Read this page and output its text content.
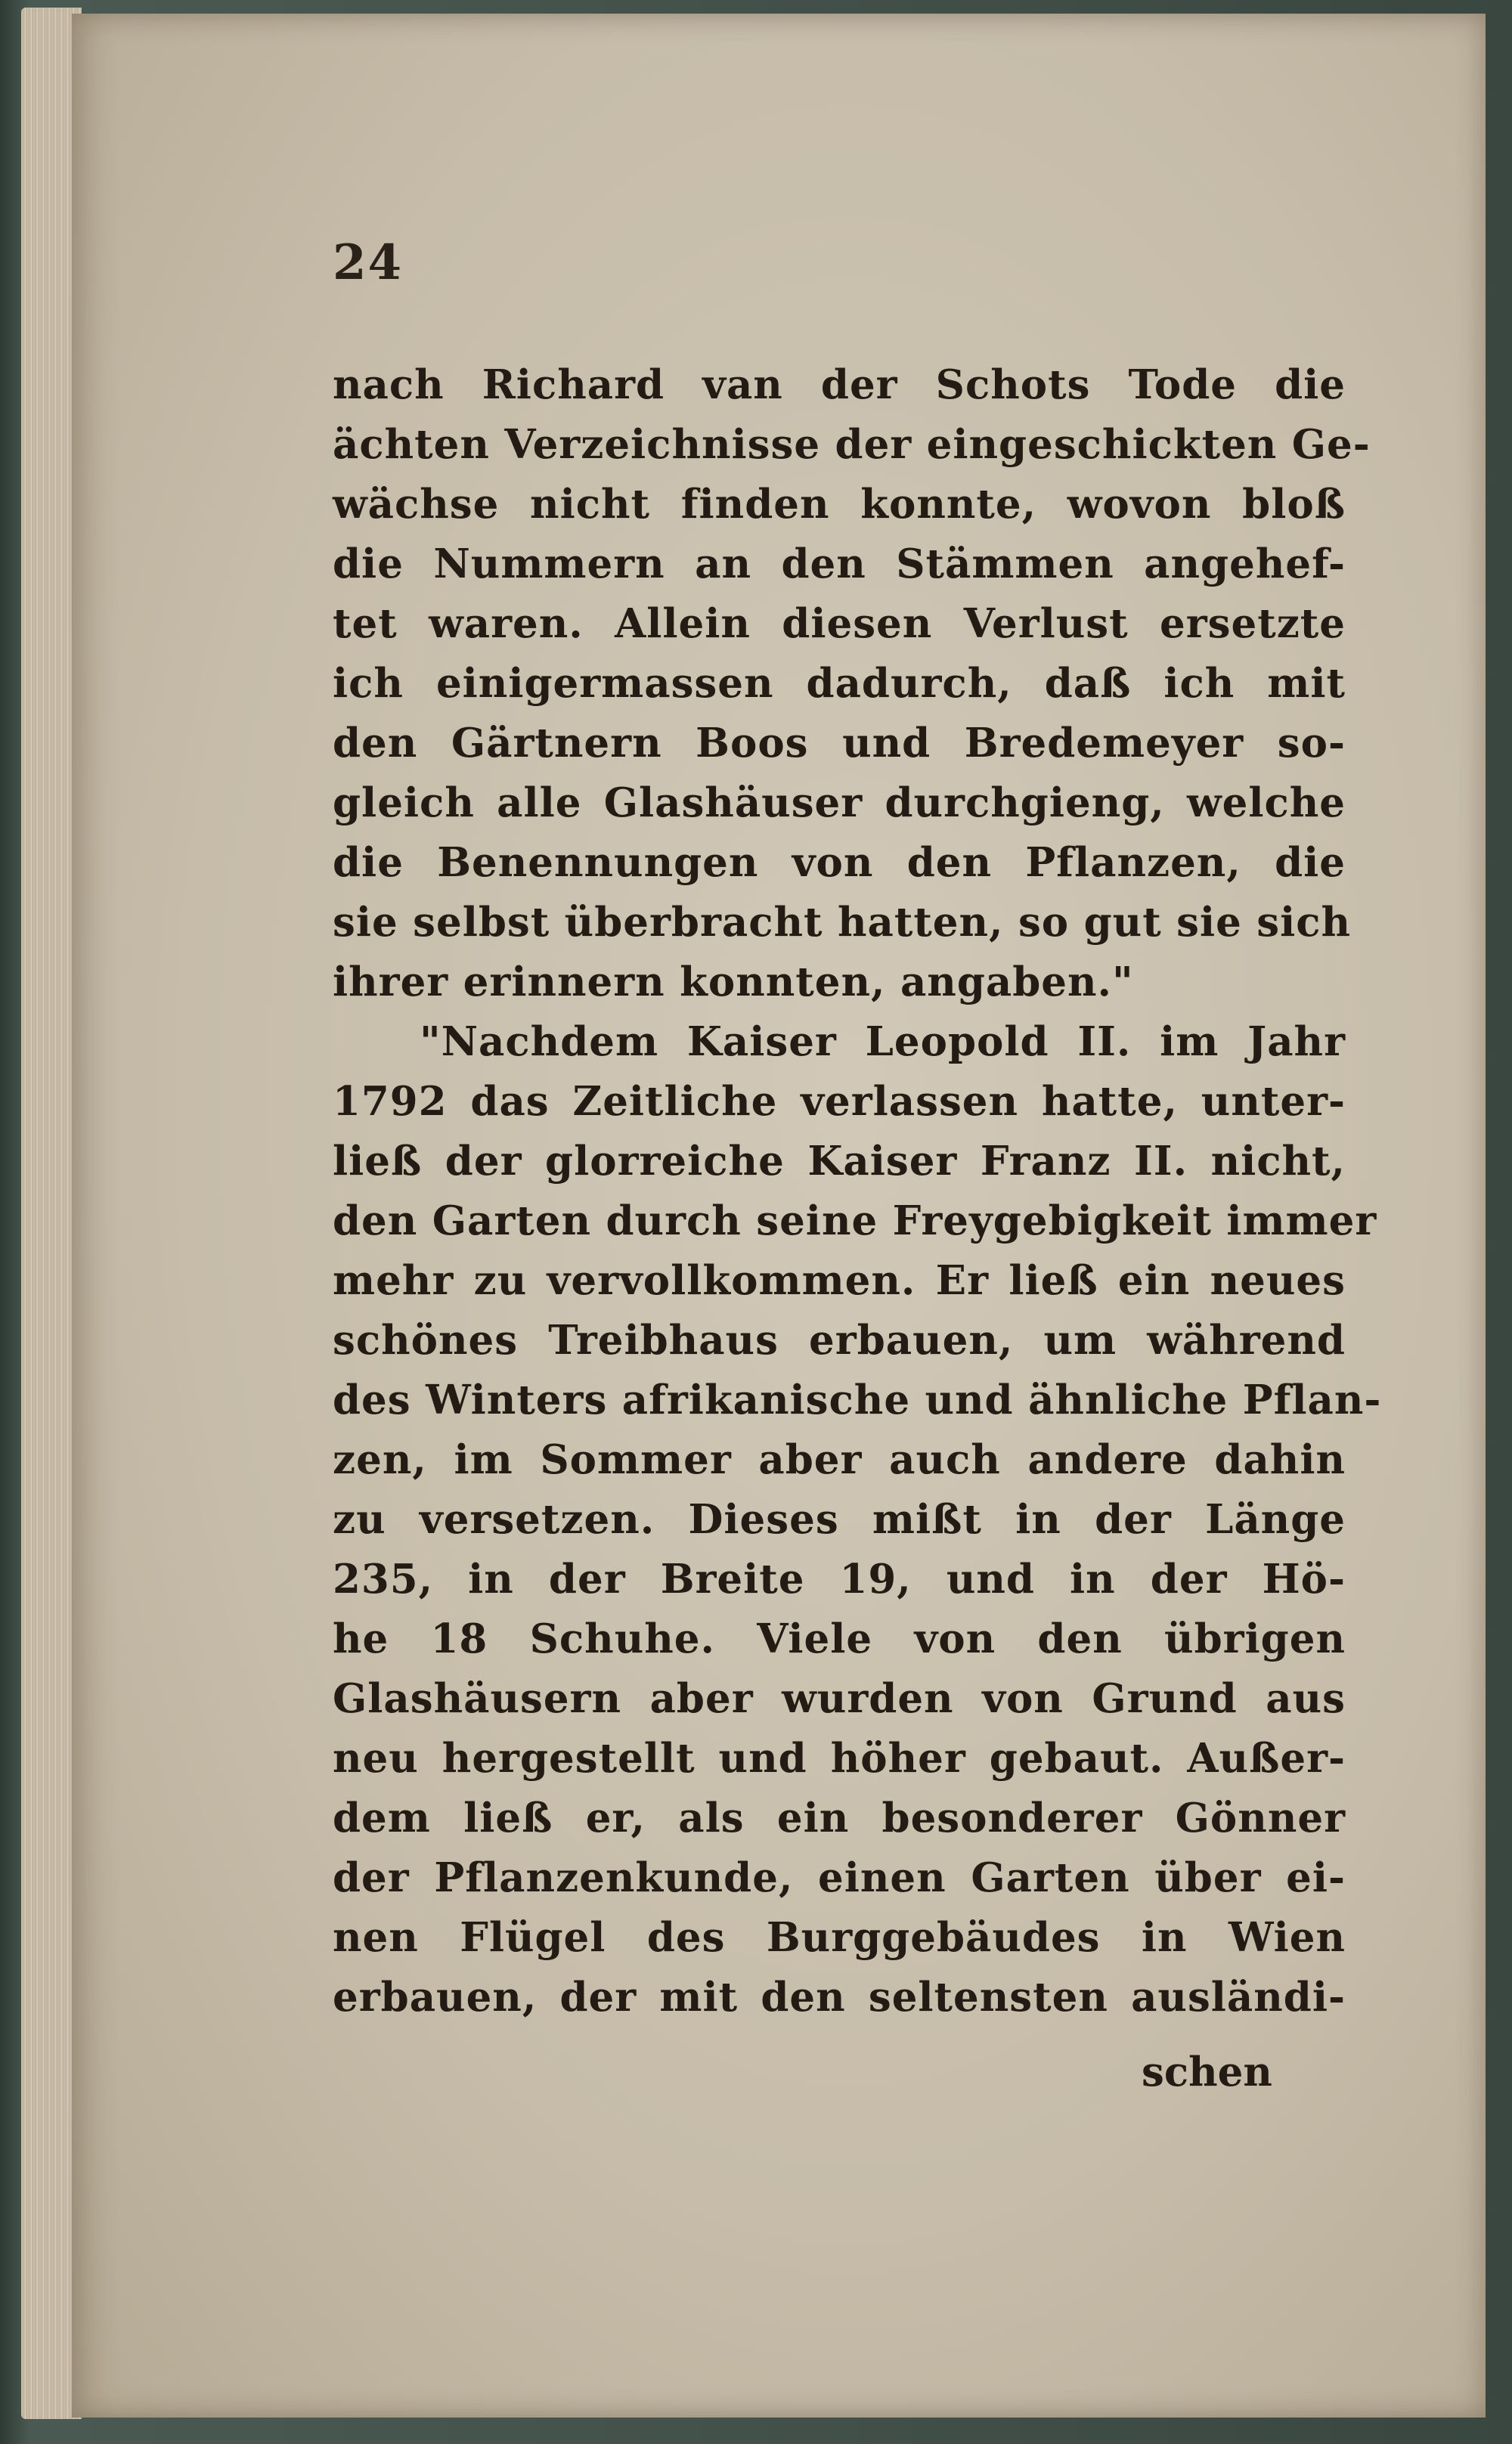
24
nach Richard van der Schots Tode die
ächten Verzeichnisse der eingeschickten Ge-
wächse nicht finden konnte, wovon bloß
die Nummern an den Stämmen angehef-
tet waren. Allein diesen Verlust ersetzte
ich einigermassen dadurch, daß ich mit
den Gärtnern Boos und Bredemeyer so-
gleich alle Glashäuser durchgieng, welche
die Benennungen von den Pflanzen, die
sie selbst überbracht hatten, so gut sie sich
ihrer erinnern konnten, angaben."
"Nachdem Kaiser Leopold II. im Jahr
1792 das Zeitliche verlassen hatte, unter-
ließ der glorreiche Kaiser Franz II. nicht,
den Garten durch seine Freygebigkeit immer
mehr zu vervollkommen. Er ließ ein neues
schönes Treibhaus erbauen, um während
des Winters afrikanische und ähnliche Pflan-
zen, im Sommer aber auch andere dahin
zu versetzen. Dieses mißt in der Länge
235, in der Breite 19, und in der Hö-
he 18 Schuhe. Viele von den übrigen
Glashäusern aber wurden von Grund aus
neu hergestellt und höher gebaut. Außer-
dem ließ er, als ein besonderer Gönner
der Pflanzenkunde, einen Garten über ei-
nen Flügel des Burggebäudes in Wien
erbauen, der mit den seltensten ausländi-
schen
